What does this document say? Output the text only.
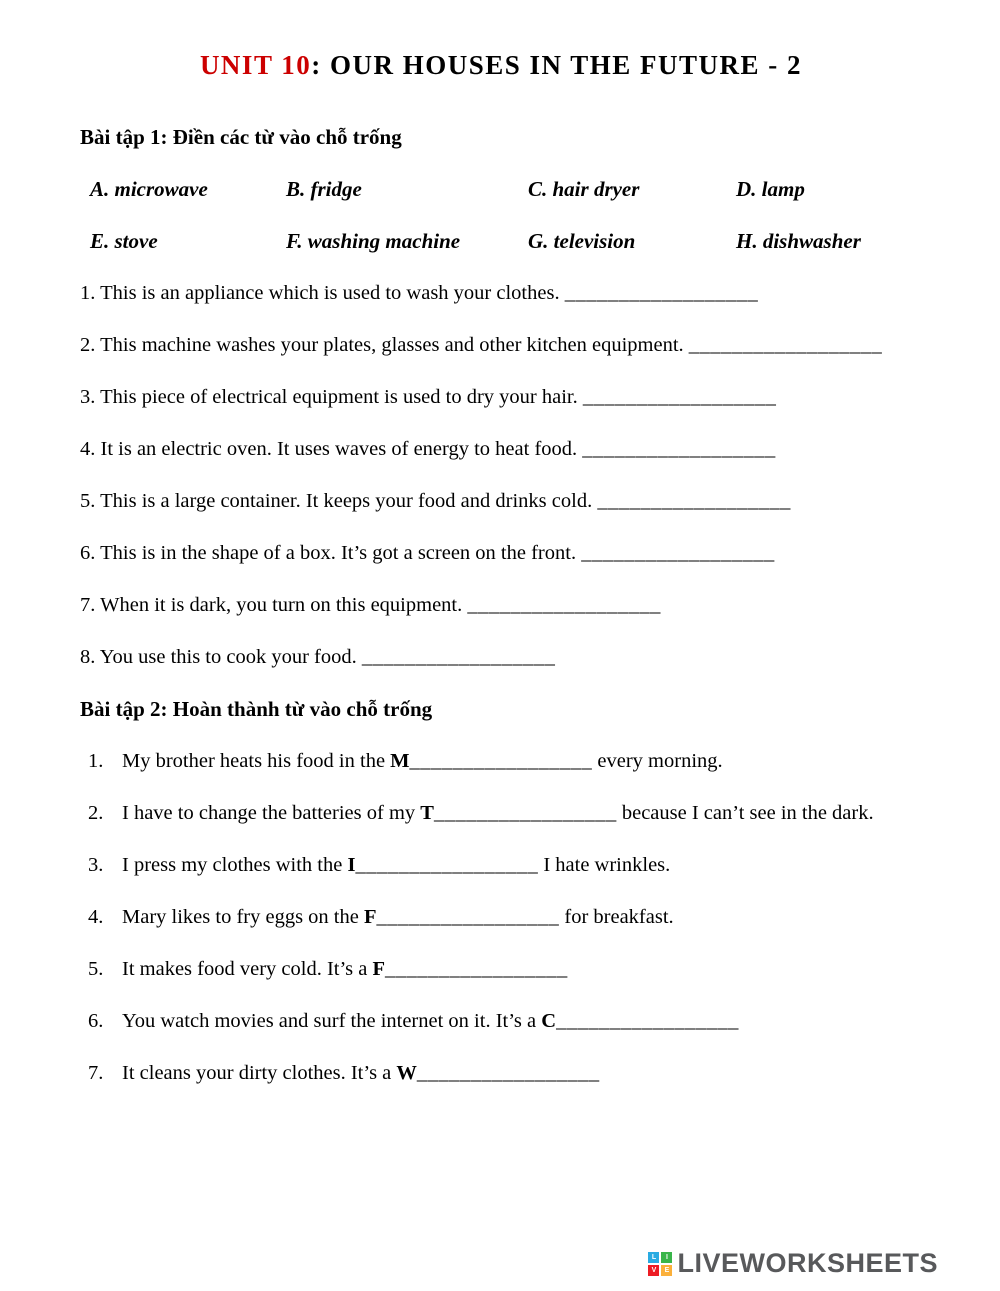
UNIT 10: OUR HOUSES IN THE FUTURE - 2

Bài tập 1: Điền các từ vào chỗ trống

A. microwave	B. fridge	C. hair dryer	D. lamp
E. stove	F. washing machine	G. television	H. dishwasher

1. This is an appliance which is used to wash your clothes. __________________

2. This machine washes your plates, glasses and other kitchen equipment. __________________

3. This piece of electrical equipment is used to dry your hair. __________________

4. It is an electric oven. It uses waves of energy to heat food. __________________

5. This is a large container. It keeps your food and drinks cold. __________________

6. This is in the shape of a box. It’s got a screen on the front. __________________

7. When it is dark, you turn on this equipment. __________________

8. You use this to cook your food. __________________

Bài tập 2: Hoàn thành từ vào chỗ trống

1. My brother heats his food in the M_________________ every morning.
2. I have to change the batteries of my T_________________ because I can’t see in the dark.
3. I press my clothes with the I_________________ I hate wrinkles.
4. Mary likes to fry eggs on the F_________________ for breakfast.
5. It makes food very cold. It’s a F_________________
6. You watch movies and surf the internet on it. It’s a C_________________
7. It cleans your dirty clothes. It’s a W_________________
L	I
V	E LIVEWORKSHEETS
